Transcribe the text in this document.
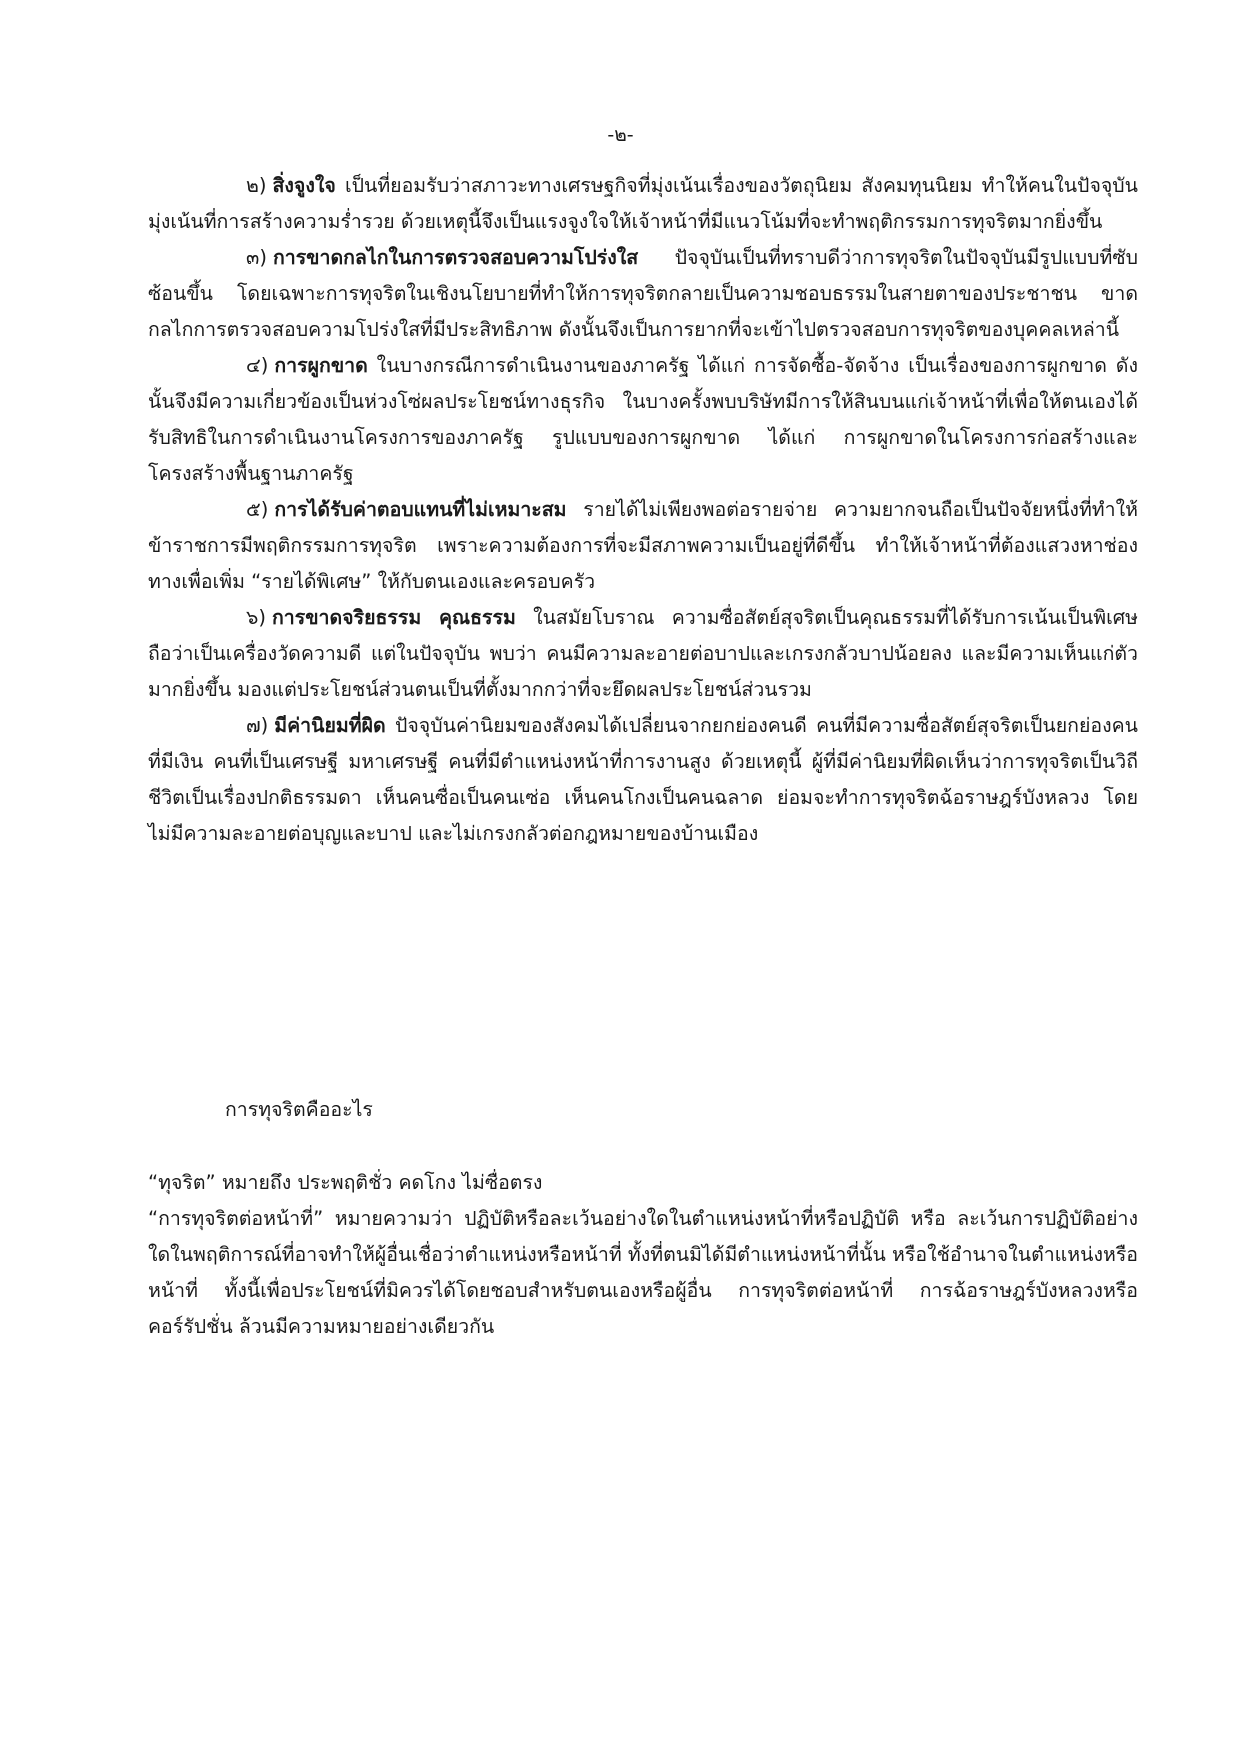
-๒-

๒) สิ่งจูงใจ เป็นที่ยอมรับว่าสภาวะทางเศรษฐกิจที่มุ่งเน้นเรื่องของวัตถุนิยม สังคมทุนนิยม ทำให้คนในปัจจุบันมุ่งเน้นที่การสร้างความร่ำรวย ด้วยเหตุนี้จึงเป็นแรงจูงใจให้เจ้าหน้าที่มีแนวโน้มที่จะทำพฤติกรรมการทุจริตมากยิ่งขึ้น

๓) การขาดกลไกในการตรวจสอบความโปร่งใส ปัจจุบันเป็นที่ทราบดีว่าการทุจริตในปัจจุบันมีรูปแบบที่ซับซ้อนขึ้น โดยเฉพาะการทุจริตในเชิงนโยบายที่ทำให้การทุจริตกลายเป็นความชอบธรรมในสายตาของประชาชน ขาดกลไกการตรวจสอบความโปร่งใสที่มีประสิทธิภาพ ดังนั้นจึงเป็นการยากที่จะเข้าไปตรวจสอบการทุจริตของบุคคลเหล่านี้

๔) การผูกขาด ในบางกรณีการดำเนินงานของภาครัฐ ได้แก่ การจัดซื้อ-จัดจ้าง เป็นเรื่องของการผูกขาด ดังนั้นจึงมีความเกี่ยวข้องเป็นห่วงโซ่ผลประโยชน์ทางธุรกิจ ในบางครั้งพบบริษัทมีการให้สินบนแก่เจ้าหน้าที่เพื่อให้ตนเองได้รับสิทธิในการดำเนินงานโครงการของภาครัฐ รูปแบบของการผูกขาด ได้แก่ การผูกขาดในโครงการก่อสร้างและโครงสร้างพื้นฐานภาครัฐ

๕) การได้รับค่าตอบแทนที่ไม่เหมาะสม รายได้ไม่เพียงพอต่อรายจ่าย ความยากจนถือเป็นปัจจัยหนึ่งที่ทำให้ข้าราชการมีพฤติกรรมการทุจริต เพราะความต้องการที่จะมีสภาพความเป็นอยู่ที่ดีขึ้น ทำให้เจ้าหน้าที่ต้องแสวงหาช่องทางเพื่อเพิ่ม “รายได้พิเศษ” ให้กับตนเองและครอบครัว

๖) การขาดจริยธรรม คุณธรรม ในสมัยโบราณ ความซื่อสัตย์สุจริตเป็นคุณธรรมที่ได้รับการเน้นเป็นพิเศษถือว่าเป็นเครื่องวัดความดี แต่ในปัจจุบัน พบว่า คนมีความละอายต่อบาปและเกรงกลัวบาปน้อยลง และมีความเห็นแก่ตัวมากยิ่งขึ้น มองแต่ประโยชน์ส่วนตนเป็นที่ตั้งมากกว่าที่จะยึดผลประโยชน์ส่วนรวม

๗) มีค่านิยมที่ผิด ปัจจุบันค่านิยมของสังคมได้เปลี่ยนจากยกย่องคนดี คนที่มีความซื่อสัตย์สุจริตเป็นยกย่องคนที่มีเงิน คนที่เป็นเศรษฐี มหาเศรษฐี คนที่มีตำแหน่งหน้าที่การงานสูง ด้วยเหตุนี้ ผู้ที่มีค่านิยมที่ผิดเห็นว่าการทุจริตเป็นวิถีชีวิตเป็นเรื่องปกติธรรมดา เห็นคนซื่อเป็นคนเซ่อ เห็นคนโกงเป็นคนฉลาด ย่อมจะทำการทุจริตฉ้อราษฎร์บังหลวง โดยไม่มีความละอายต่อบุญและบาป และไม่เกรงกลัวต่อกฎหมายของบ้านเมือง

การทุจริตคืออะไร

“ทุจริต” หมายถึง ประพฤติชั่ว คดโกง ไม่ซื่อตรง

“การทุจริตต่อหน้าที่” หมายความว่า ปฏิบัติหรือละเว้นอย่างใดในตำแหน่งหน้าที่หรือปฏิบัติ หรือ ละเว้นการปฏิบัติอย่างใดในพฤติการณ์ที่อาจทำให้ผู้อื่นเชื่อว่าตำแหน่งหรือหน้าที่ ทั้งที่ตนมิได้มีตำแหน่งหน้าที่นั้น หรือใช้อำนาจในตำแหน่งหรือหน้าที่ ทั้งนี้เพื่อประโยชน์ที่มิควรได้โดยชอบสำหรับตนเองหรือผู้อื่น การทุจริตต่อหน้าที่ การฉ้อราษฎร์บังหลวงหรือคอร์รัปชั่น ล้วนมีความหมายอย่างเดียวกัน
